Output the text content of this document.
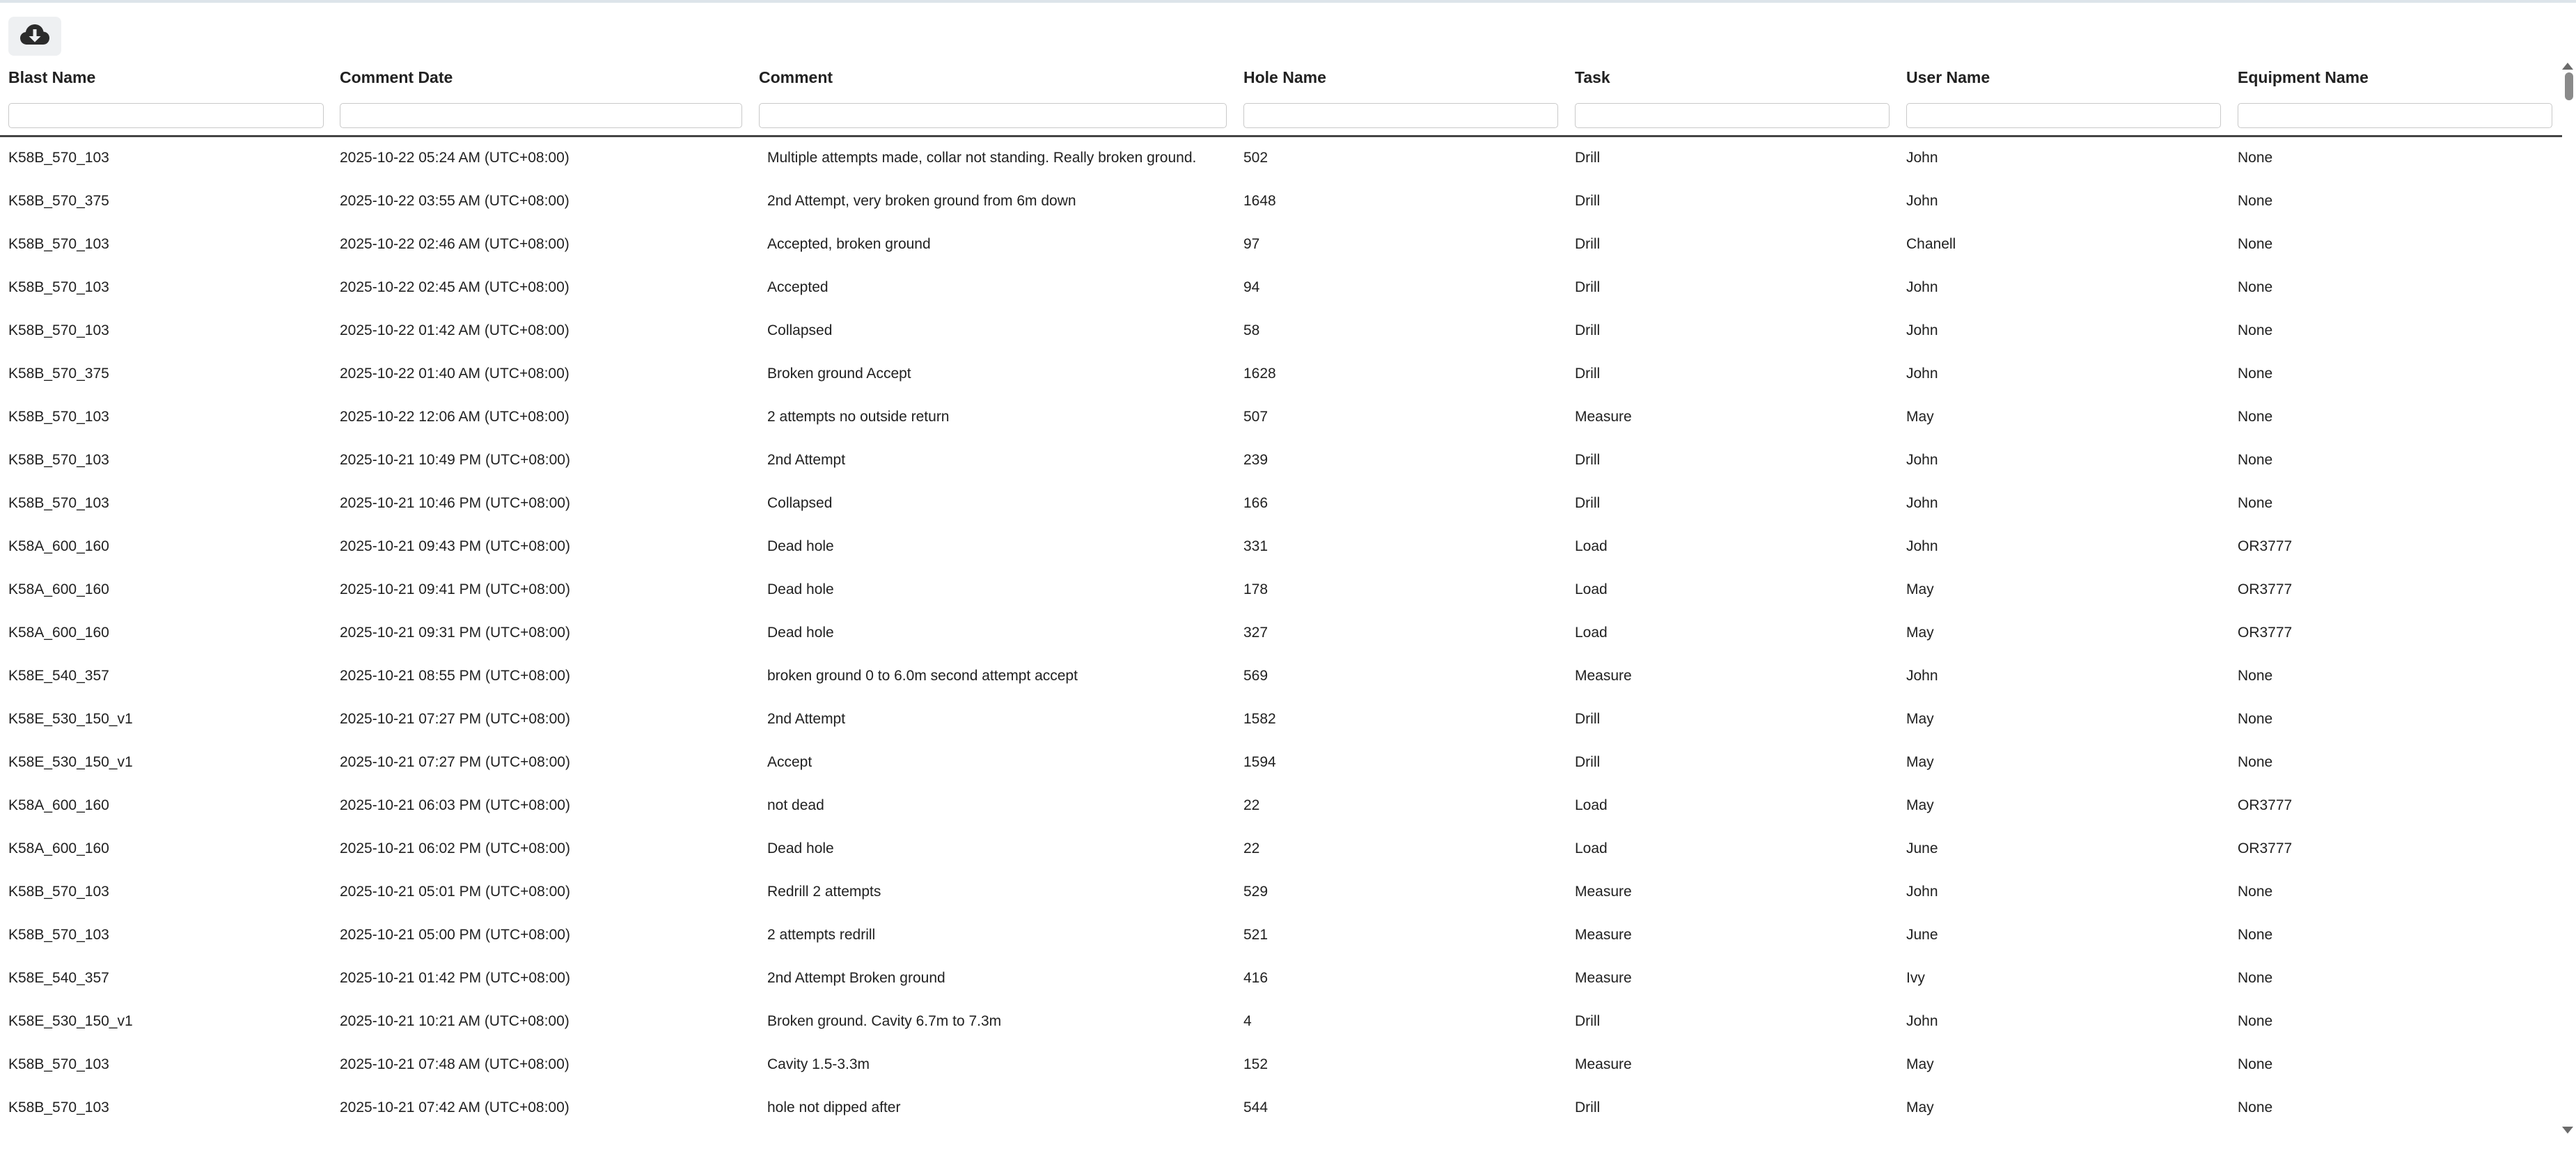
Blast Name	Comment Date	Comment	Hole Name	Task	User Name	Equipment Name
K58B_570_103	2025-10-22 05:24 AM (UTC+08:00)	Multiple attempts made, collar not standing. Really broken ground.	502	Drill	John	None
K58B_570_375	2025-10-22 03:55 AM (UTC+08:00)	2nd Attempt, very broken ground from 6m down	1648	Drill	John	None
K58B_570_103	2025-10-22 02:46 AM (UTC+08:00)	Accepted, broken ground	97	Drill	Chanell	None
K58B_570_103	2025-10-22 02:45 AM (UTC+08:00)	Accepted	94	Drill	John	None
K58B_570_103	2025-10-22 01:42 AM (UTC+08:00)	Collapsed	58	Drill	John	None
K58B_570_375	2025-10-22 01:40 AM (UTC+08:00)	Broken ground Accept	1628	Drill	John	None
K58B_570_103	2025-10-22 12:06 AM (UTC+08:00)	2 attempts no outside return	507	Measure	May	None
K58B_570_103	2025-10-21 10:49 PM (UTC+08:00)	2nd Attempt	239	Drill	John	None
K58B_570_103	2025-10-21 10:46 PM (UTC+08:00)	Collapsed	166	Drill	John	None
K58A_600_160	2025-10-21 09:43 PM (UTC+08:00)	Dead hole	331	Load	John	OR3777
K58A_600_160	2025-10-21 09:41 PM (UTC+08:00)	Dead hole	178	Load	May	OR3777
K58A_600_160	2025-10-21 09:31 PM (UTC+08:00)	Dead hole	327	Load	May	OR3777
K58E_540_357	2025-10-21 08:55 PM (UTC+08:00)	broken ground 0 to 6.0m second attempt accept	569	Measure	John	None
K58E_530_150_v1	2025-10-21 07:27 PM (UTC+08:00)	2nd Attempt	1582	Drill	May	None
K58E_530_150_v1	2025-10-21 07:27 PM (UTC+08:00)	Accept	1594	Drill	May	None
K58A_600_160	2025-10-21 06:03 PM (UTC+08:00)	not dead	22	Load	May	OR3777
K58A_600_160	2025-10-21 06:02 PM (UTC+08:00)	Dead hole	22	Load	June	OR3777
K58B_570_103	2025-10-21 05:01 PM (UTC+08:00)	Redrill 2 attempts	529	Measure	John	None
K58B_570_103	2025-10-21 05:00 PM (UTC+08:00)	2 attempts redrill	521	Measure	June	None
K58E_540_357	2025-10-21 01:42 PM (UTC+08:00)	2nd Attempt Broken ground	416	Measure	Ivy	None
K58E_530_150_v1	2025-10-21 10:21 AM (UTC+08:00)	Broken ground. Cavity 6.7m to 7.3m	4	Drill	John	None
K58B_570_103	2025-10-21 07:48 AM (UTC+08:00)	Cavity 1.5-3.3m	152	Measure	May	None
K58B_570_103	2025-10-21 07:42 AM (UTC+08:00)	hole not dipped after	544	Drill	May	None
